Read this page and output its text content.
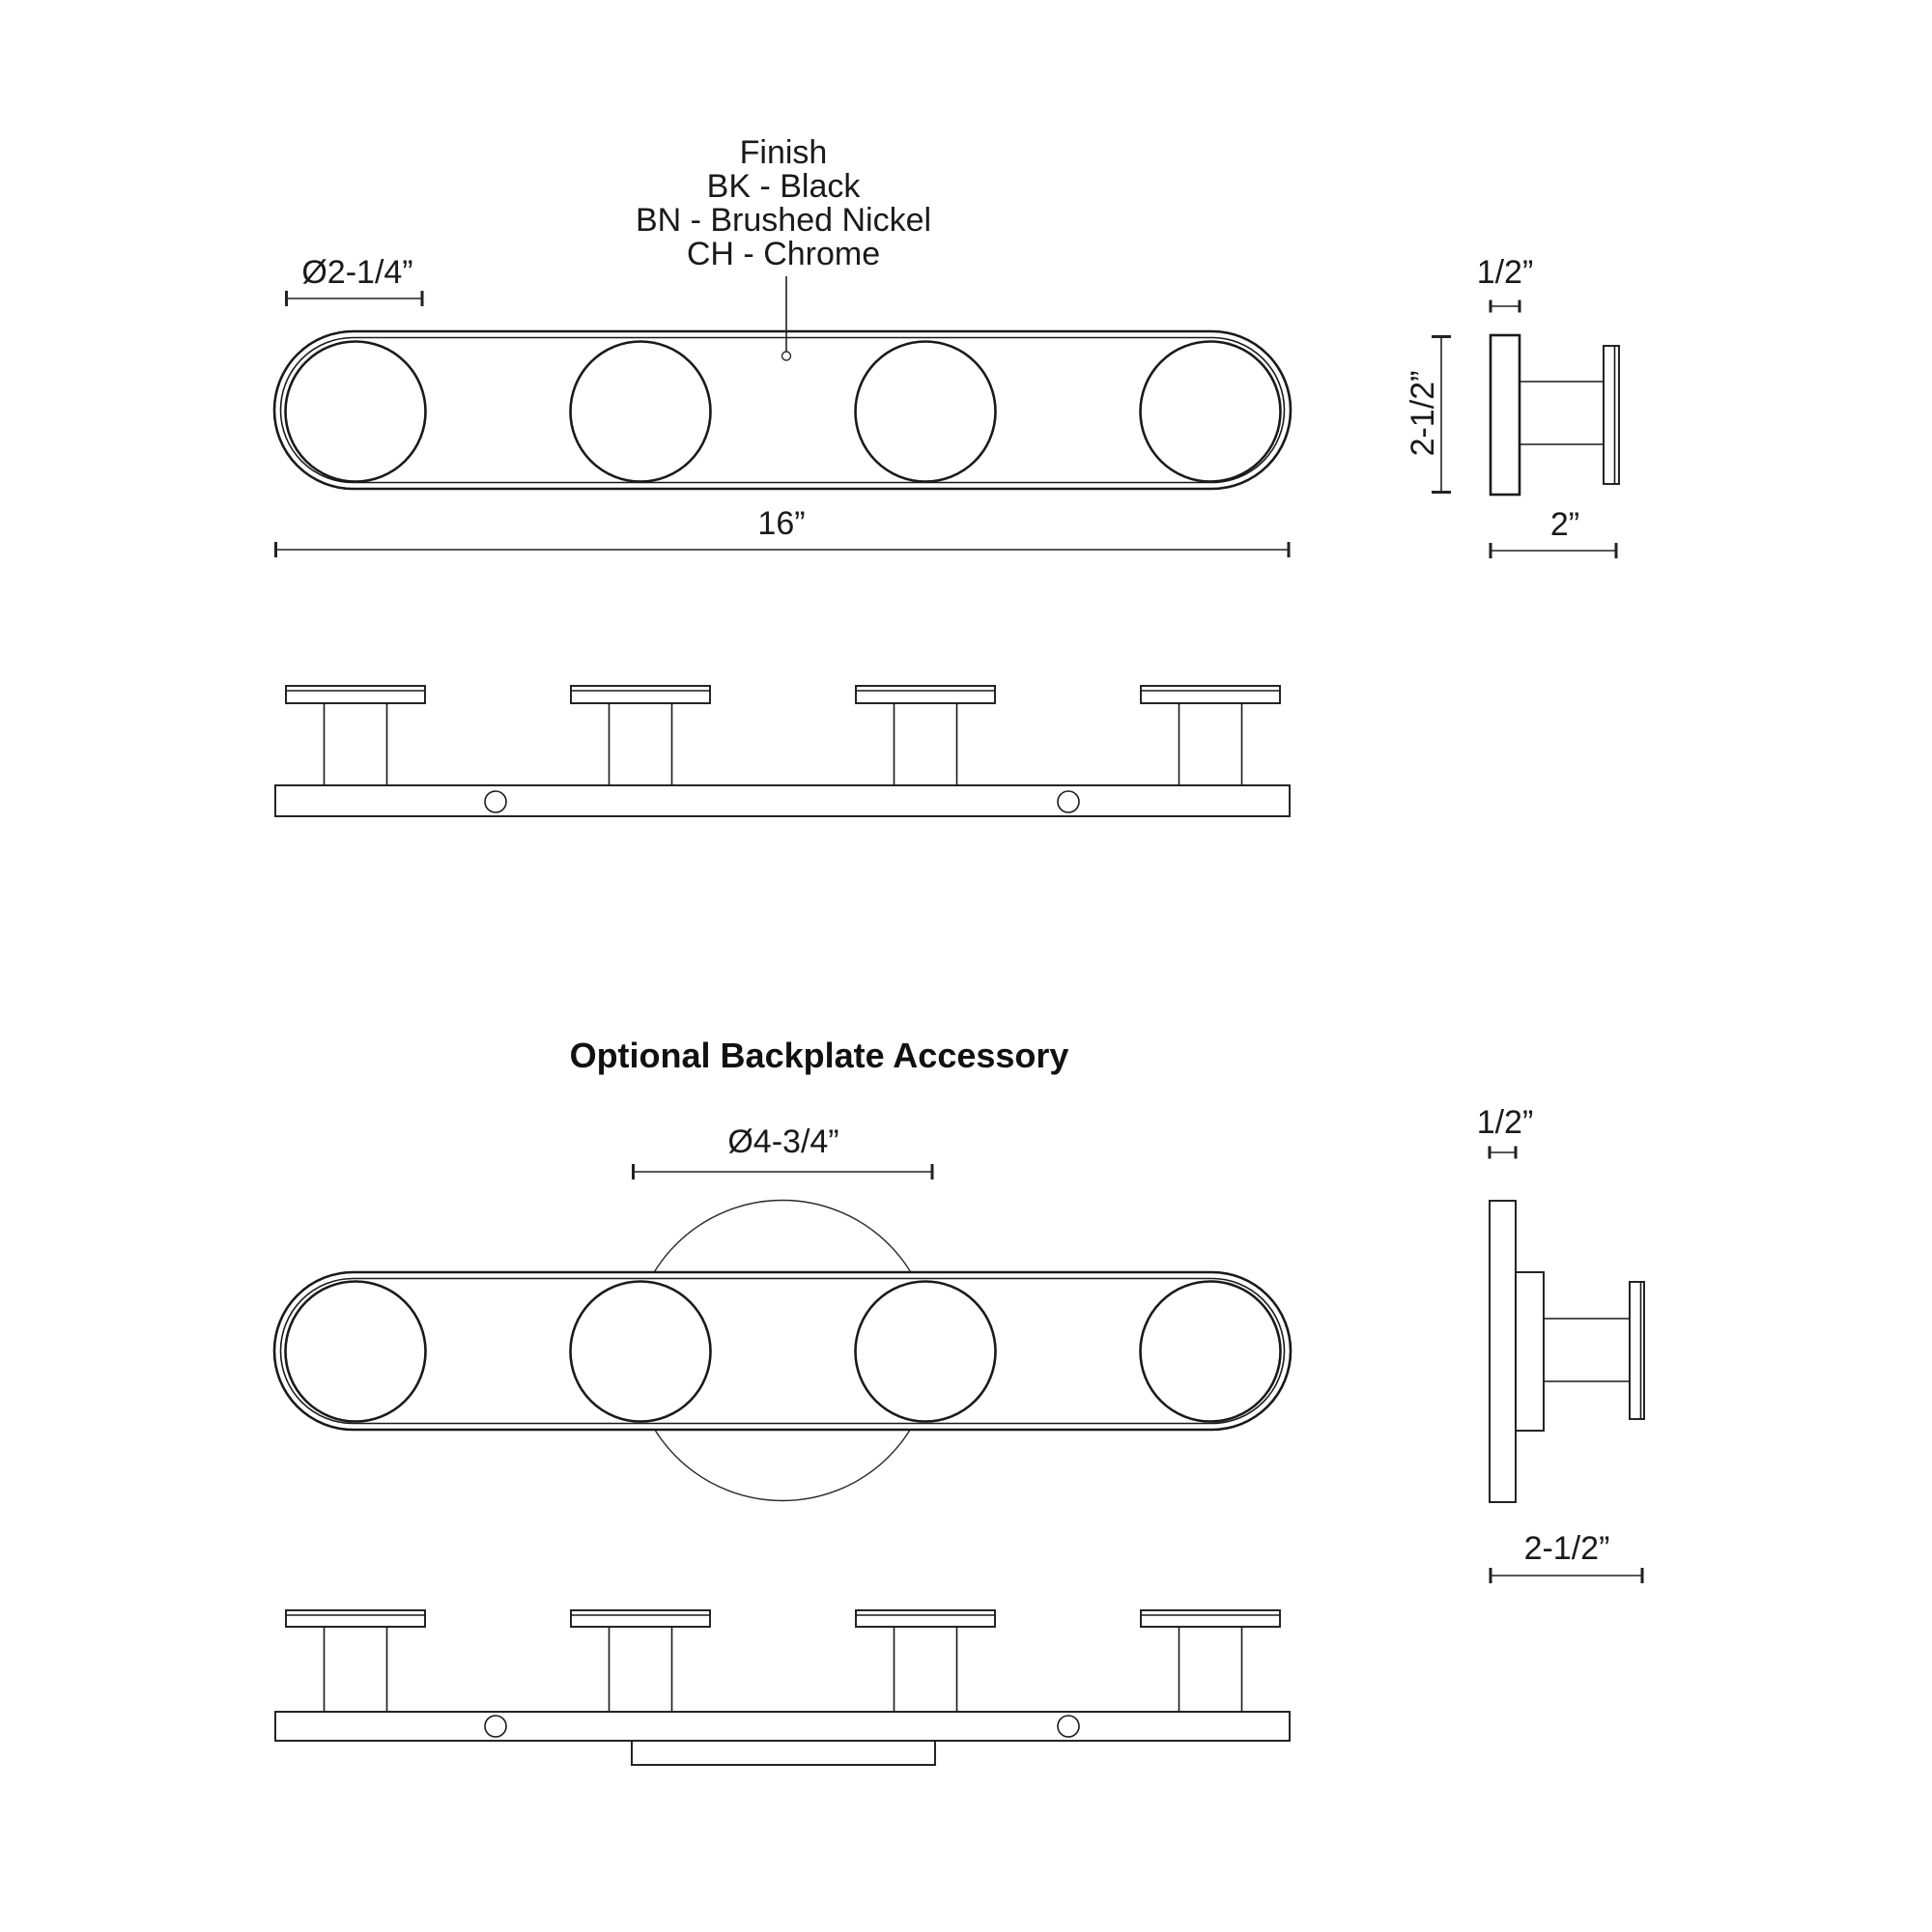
Finish
BK - Black
BN - Brushed Nickel
CH - Chrome
Ø2-1/4”
16”
1/2”
2-1/2”
2”
Optional Backplate Accessory
Ø4-3/4”
1/2”
2-1/2”
